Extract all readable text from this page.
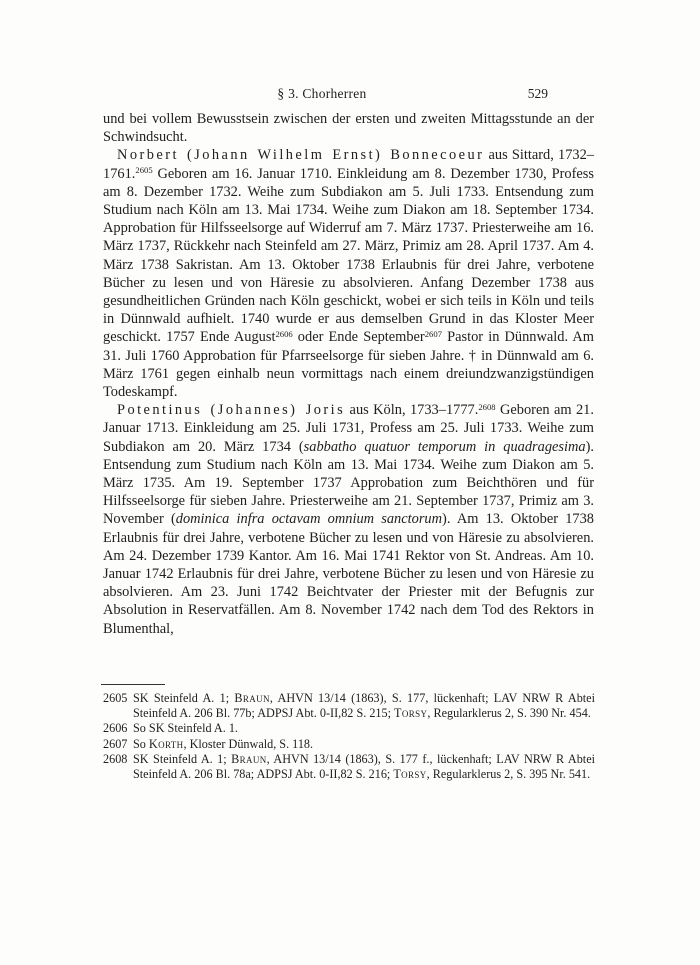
§ 3. Chorherren	529

und bei vollem Bewusstsein zwischen der ersten und zweiten Mittagsstunde an der Schwindsucht.

Norbert (Johann Wilhelm Ernst) Bonnecoeur aus Sittard, 1732–1761.$^{2605}$ Geboren am 16. Januar 1710. Einkleidung am 8. Dezember 1730, Profess am 8. Dezember 1732. Weihe zum Subdiakon am 5. Juli 1733. Entsendung zum Studium nach Köln am 13. Mai 1734. Weihe zum Diakon am 18. September 1734. Approbation für Hilfsseelsorge auf Widerruf am 7. März 1737. Priesterweihe am 16. März 1737, Rückkehr nach Steinfeld am 27. März, Primiz am 28. April 1737. Am 4. März 1738 Sakristan. Am 13. Oktober 1738 Erlaubnis für drei Jahre, verbotene Bücher zu lesen und von Häresie zu absolvieren. Anfang Dezember 1738 aus gesundheitlichen Gründen nach Köln geschickt, wobei er sich teils in Köln und teils in Dünnwald aufhielt. 1740 wurde er aus demselben Grund in das Kloster Meer geschickt. 1757 Ende August$^{2606}$ oder Ende September$^{2607}$ Pastor in Dünnwald. Am 31. Juli 1760 Approbation für Pfarrseelsorge für sieben Jahre. † in Dünnwald am 6. März 1761 gegen einhalb neun vormittags nach einem dreiundzwanzigstündigen Todeskampf.

Potentinus (Johannes) Joris aus Köln, 1733–1777.$^{2608}$ Geboren am 21. Januar 1713. Einkleidung am 25. Juli 1731, Profess am 25. Juli 1733. Weihe zum Subdiakon am 20. März 1734 (sabbatho quatuor temporum in quadragesima). Entsendung zum Studium nach Köln am 13. Mai 1734. Weihe zum Diakon am 5. März 1735. Am 19. September 1737 Approbation zum Beichthören und für Hilfsseelsorge für sieben Jahre. Priesterweihe am 21. September 1737, Primiz am 3. November (dominica infra octavam omnium sanctorum). Am 13. Oktober 1738 Erlaubnis für drei Jahre, verbotene Bücher zu lesen und von Häresie zu absolvieren. Am 24. Dezember 1739 Kantor. Am 16. Mai 1741 Rektor von St. Andreas. Am 10. Januar 1742 Erlaubnis für drei Jahre, verbotene Bücher zu lesen und von Häresie zu absolvieren. Am 23. Juni 1742 Beichtvater der Priester mit der Befugnis zur Absolution in Reservatfällen. Am 8. November 1742 nach dem Tod des Rektors in Blumenthal,

2605 SK Steinfeld A. 1; Braun, AHVN 13/14 (1863), S. 177, lückenhaft; LAV NRW R Abtei Steinfeld A. 206 Bl. 77b; ADPSJ Abt. 0-II,82 S. 215; Torsy, Regularklerus 2, S. 390 Nr. 454.
2606 So SK Steinfeld A. 1.
2607 So Korth, Kloster Dünwald, S. 118.
2608 SK Steinfeld A. 1; Braun, AHVN 13/14 (1863), S. 177 f., lückenhaft; LAV NRW R Abtei Steinfeld A. 206 Bl. 78a; ADPSJ Abt. 0-II,82 S. 216; Torsy, Regularklerus 2, S. 395 Nr. 541.
